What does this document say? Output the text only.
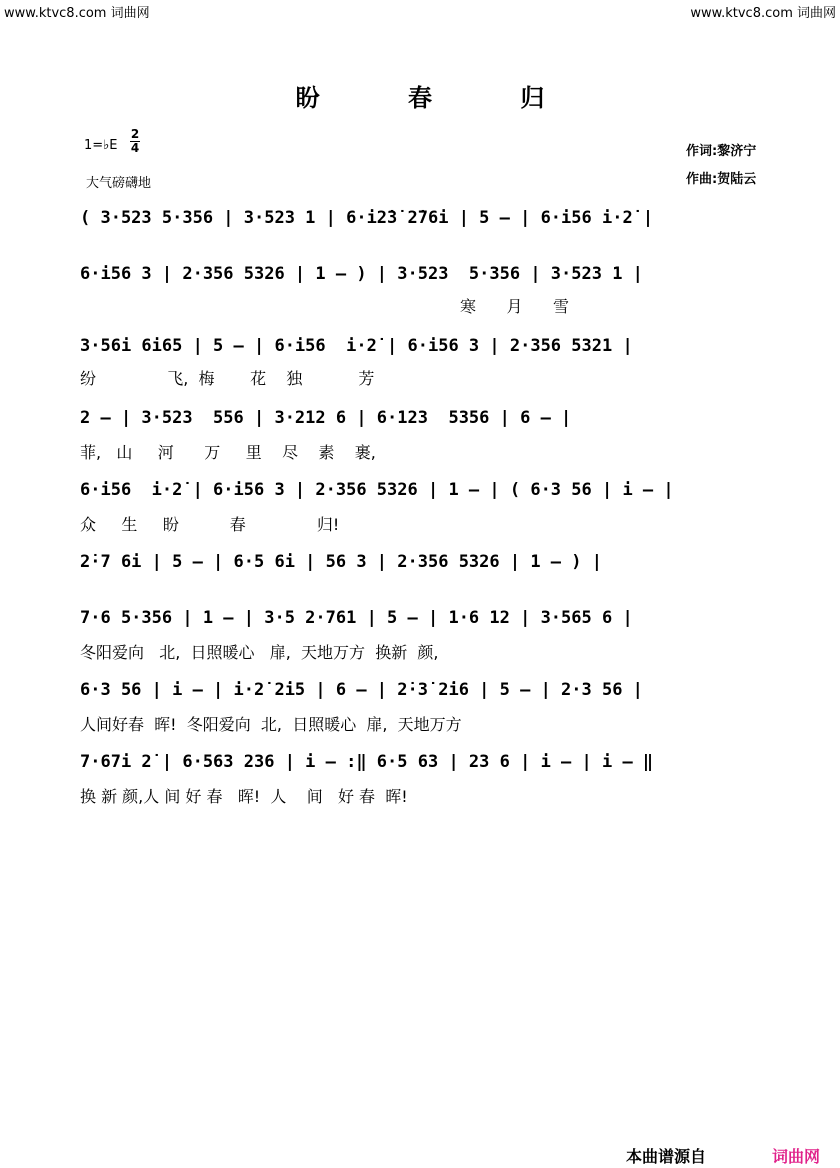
www.ktvc8.com 词曲网	www.ktvc8.com 词曲网
盼 春 归
1=♭E
2
4
大气磅礴地
作词:黎济宁
作曲:贺陆云
( 3·523 5·356 | 3·523 1 | 6·i2̇3̇ 2̇76i | 5 — | 6·i56 i·2̇ |
6·i56 3 | 2·356 5326 | 1 — ) | 3·523  5·356 | 3·523 1 |
寒      月      雪
3·56i 6i65 | 5 — | 6·i56  i·2̇ | 6·i56 3 | 2·356 5321 |
纷              飞,  梅       花    独           芳
2 — | 3·523  556 | 3·212 6 | 6·123  5356 | 6 — |
菲,   山     河      万     里    尽    素    裹,
6·i56  i·2̇ | 6·i56 3 | 2·356 5326 | 1 — | ( 6·3 56 | i — |
众     生     盼          春              归!
2̇·7 6i | 5 — | 6·5 6i | 56 3 | 2·356 5326 | 1 — ) |
7·6 5·356 | 1 — | 3·5 2·761 | 5 — | 1·6 12 | 3·565 6 |
冬阳爱向   北,  日照暖心   扉,  天地万方  换新  颜,
6·3 56 | i — | i·2̇ 2̇i5 | 6 — | 2̇·3̇ 2̇i6 | 5 — | 2·3 56 |
人间好春  晖!  冬阳爱向  北,  日照暖心  扉,  天地万方
7·67i 2̇ | 6·563 236 | i — :‖ 6·5 63 | 23 6 | i — | i — ‖
换 新 颜,人 间 好 春   晖!  人    间   好 春  晖!
本曲谱源自	词曲网
